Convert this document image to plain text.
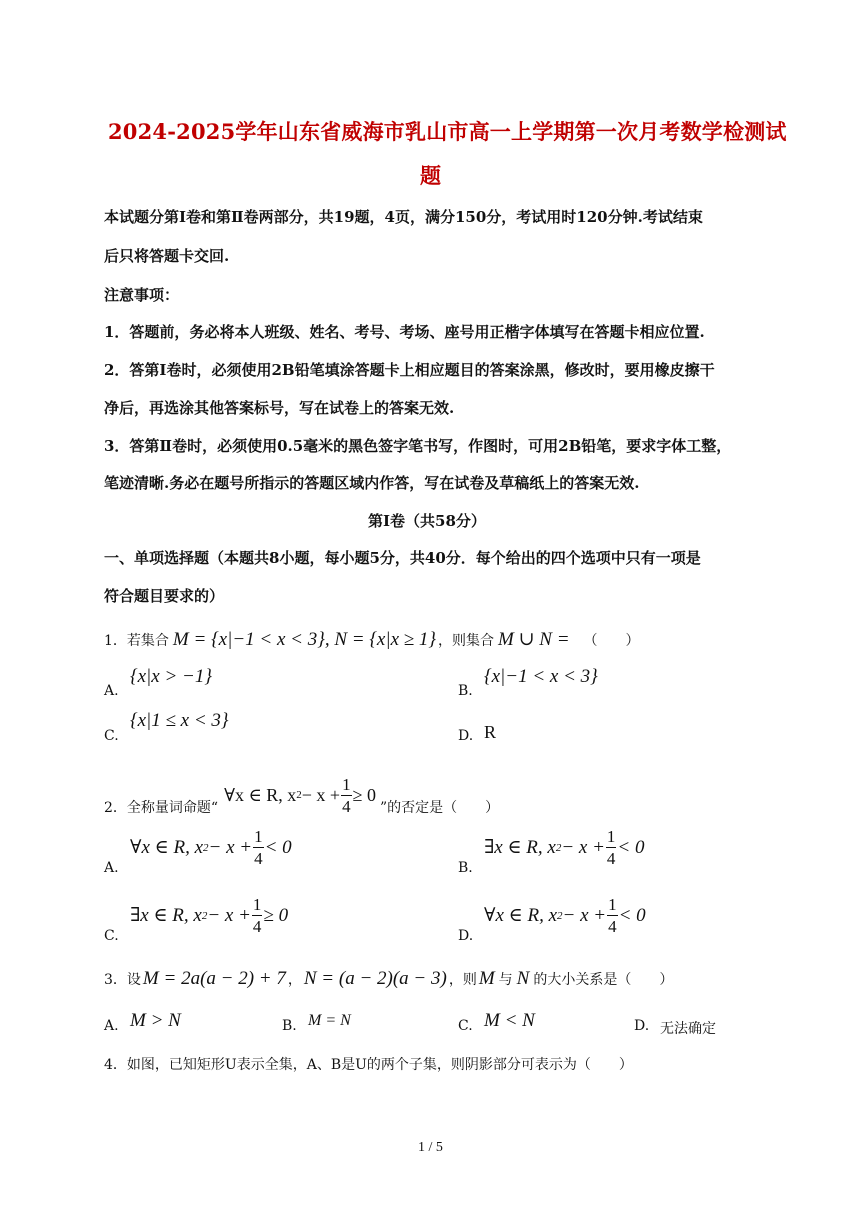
2024-2025学年山东省威海市乳山市高一上学期第一次月考数学检测试
题
本试题分第Ⅰ卷和第Ⅱ卷两部分，共19题，4页，满分150分，考试用时120分钟.考试结束
后只将答题卡交回.
注意事项：
1．答题前，务必将本人班级、姓名、考号、考场、座号用正楷字体填写在答题卡相应位置.
2．答第Ⅰ卷时，必须使用2B铅笔填涂答题卡上相应题目的答案涂黑，修改时，要用橡皮擦干
净后，再选涂其他答案标号，写在试卷上的答案无效.
3．答第Ⅱ卷时，必须使用0.5毫米的黑色签字笔书写，作图时，可用2B铅笔，要求字体工整，
笔迹清晰.务必在题号所指示的答题区域内作答，写在试卷及草稿纸上的答案无效.
第Ⅰ卷（共58分）
一、单项选择题（本题共8小题，每小题5分，共40分．每个给出的四个选项中只有一项是
符合题目要求的）
1．若集合 M = {x|−1 < x < 3}, N = {x|x ≥ 1} ，则集合 M ∪ N = （　　）
A.
{x|x > −1}
B.
{x|−1 < x < 3}
C.
{x|1 ≤ x < 3}
D. R
2．全称量词命题“
∀x ∈ R, x $2 - x + \frac{1}{4} \ge 0$
”的否定是（　　）
A.
∀x ∈ R, x $2 - x + \frac{1}{4} < 0$
B.
∃x ∈ R, x $2 - x + \frac{1}{4} < 0$
C.
∃x ∈ R, x $2 - x + \frac{1}{4} \ge 0$
D.
∀x ∈ R, x $2 - x + \frac{1}{4} < 0$
3．设 M = 2a(a − 2) + 7 ， N = (a − 2)(a − 3) ，则 M 与 N 的大小关系是（　　）
A. M > N	B. M = N	C. M < N	D. 无法确定
4．如图，已知矩形U表示全集，A、B是U的两个子集，则阴影部分可表示为（　　）
1 / 5
